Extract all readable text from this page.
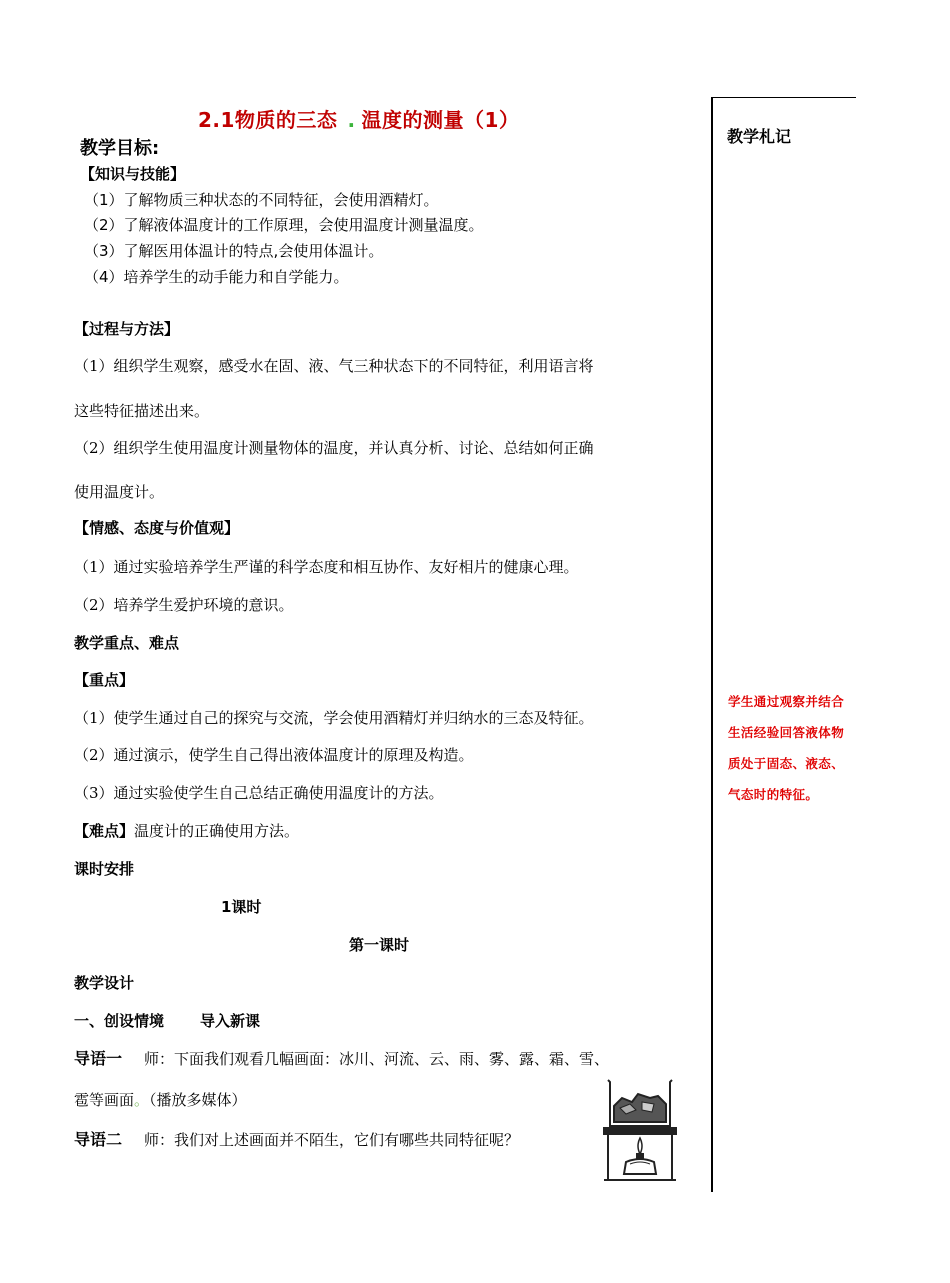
2.1物质的三态 . 温度的测量（1）
教学目标:
【知识与技能】
（1）了解物质三种状态的不同特征，会使用酒精灯。
（2）了解液体温度计的工作原理，会使用温度计测量温度。
（3）了解医用体温计的特点,会使用体温计。
（4）培养学生的动手能力和自学能力。
【过程与方法】
（1）组织学生观察，感受水在固、液、气三种状态下的不同特征，利用语言将
这些特征描述出来。
（2）组织学生使用温度计测量物体的温度，并认真分析、讨论、总结如何正确
使用温度计。
【情感、态度与价值观】
（1）通过实验培养学生严谨的科学态度和相互协作、友好相片的健康心理。
（2）培养学生爱护环境的意识。
教学重点、难点
【重点】
（1）使学生通过自己的探究与交流，学会使用酒精灯并归纳水的三态及特征。
（2）通过演示，使学生自己得出液体温度计的原理及构造。
（3）通过实验使学生自己总结正确使用温度计的方法。
【难点】温度计的正确使用方法。
课时安排
1课时
第一课时
教学设计
一、创设情境 导入新课
导语一 师：下面我们观看几幅画面：冰川、河流、云、雨、雾、露、霜、雪、
雹等画面。（播放多媒体）
导语二 师：我们对上述画面并不陌生，它们有哪些共同特征呢？
教学札记
学生通过观察并结合生活经验回答液体物质处于固态、液态、气态时的特征。
